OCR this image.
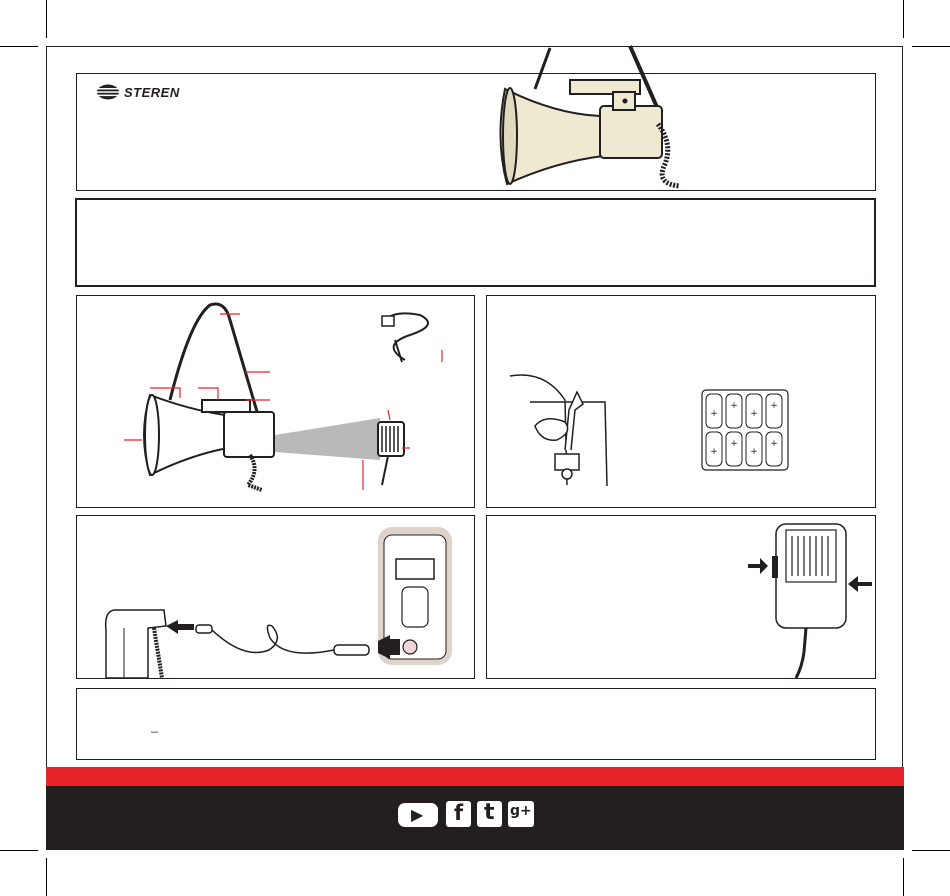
STEREN
+
+
+
+
+
+
+
+
_
▶ f t g+
